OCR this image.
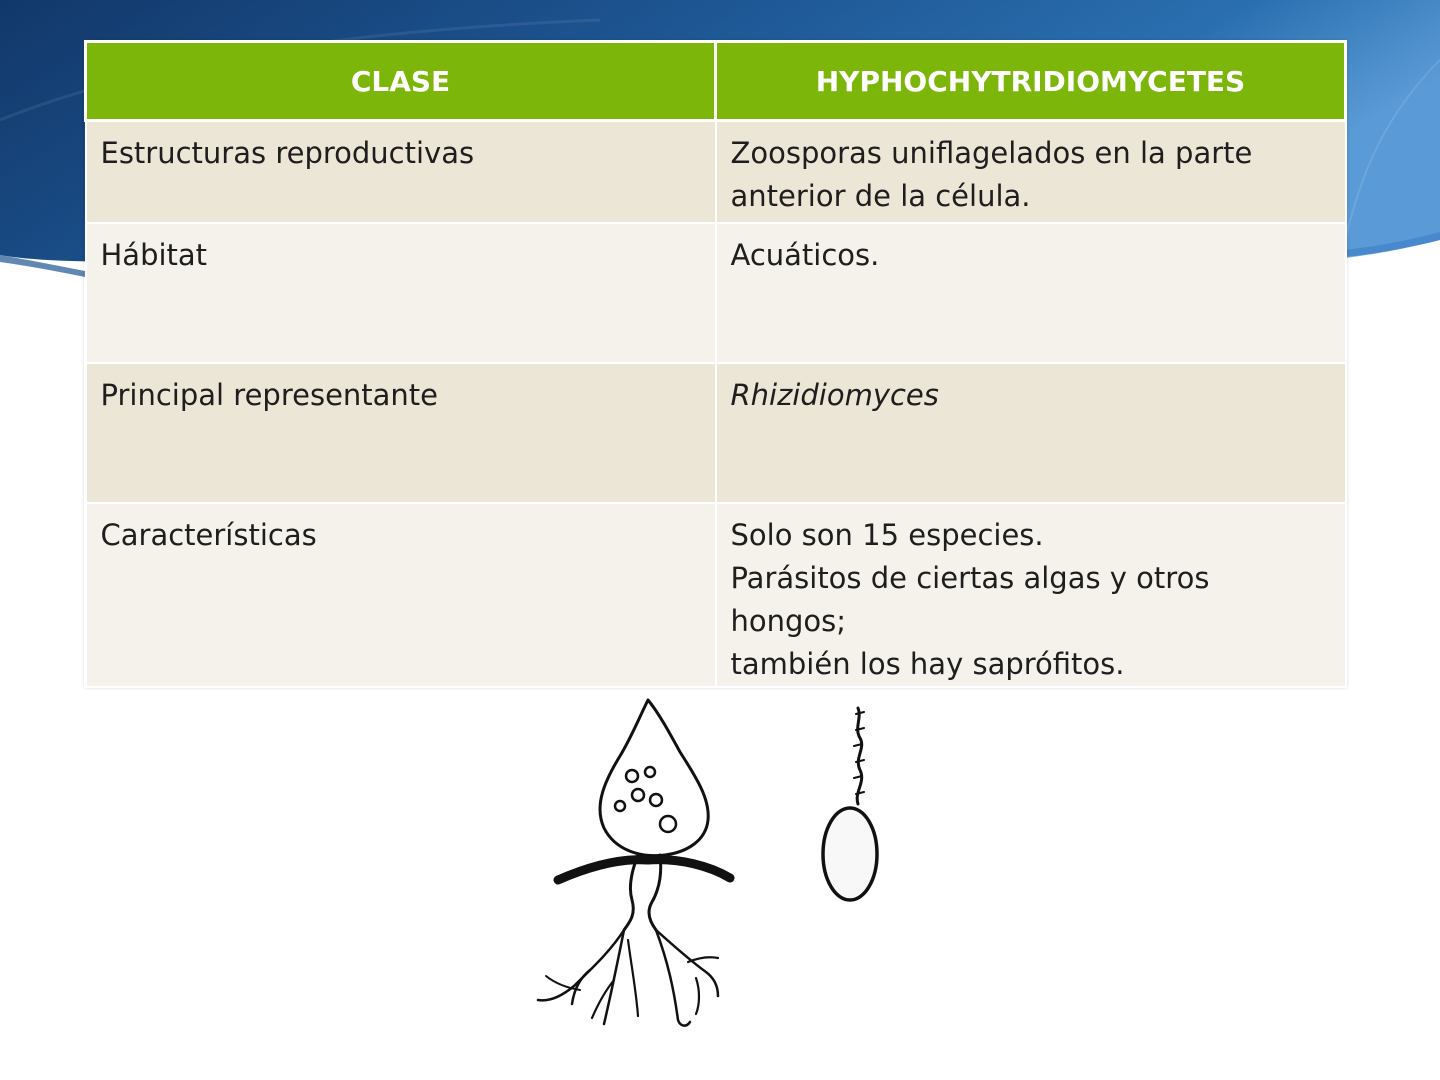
CLASE	HYPHOCHYTRIDIOMYCETES
Estructuras reproductivas	Zoosporas uniflagelados en la parte
anterior de la célula.

Hábitat	Acuáticos.

Principal representante	Rhizidiomyces

Características	Solo son 15 especies.
Parásitos de ciertas algas y otros hongos;
también los hay saprófitos.
